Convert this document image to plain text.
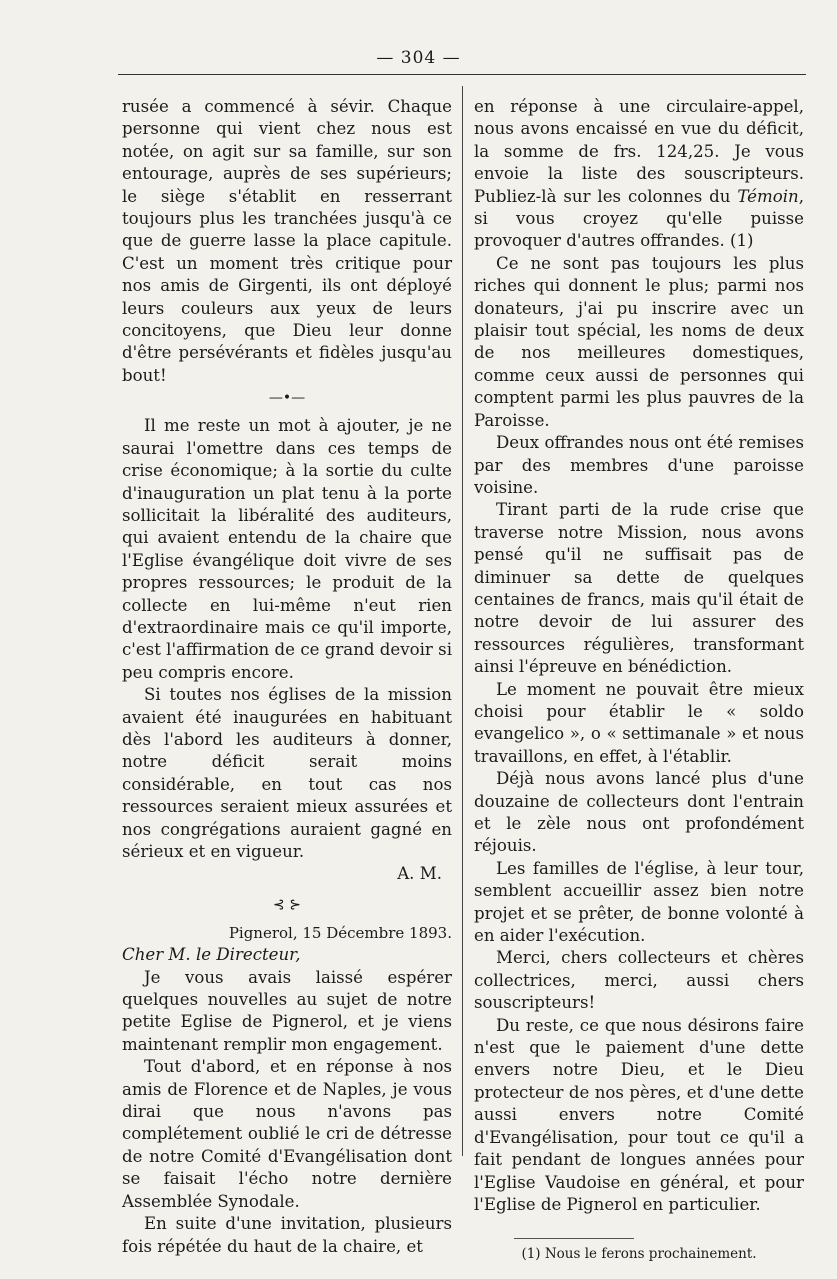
— 304 —

rusée a commencé à sévir. Chaque personne qui vient chez nous est notée, on agit sur sa famille, sur son entourage, auprès de ses supérieurs; le siège s'établit en resserrant toujours plus les tranchées jusqu'à ce que de guerre lasse la place capitule. C'est un moment très critique pour nos amis de Girgenti, ils ont déployé leurs couleurs aux yeux de leurs concitoyens, que Dieu leur donne d'être persévérants et fidèles jusqu'au bout!

—•—

Il me reste un mot à ajouter, je ne saurai l'omettre dans ces temps de crise économique; à la sortie du culte d'inauguration un plat tenu à la porte sollicitait la libéralité des auditeurs, qui avaient entendu de la chaire que l'Eglise évangélique doit vivre de ses propres ressources; le produit de la collecte en lui-même n'eut rien d'extraordinaire mais ce qu'il importe, c'est l'affirmation de ce grand devoir si peu compris encore.

Si toutes nos églises de la mission avaient été inaugurées en habituant dès l'abord les auditeurs à donner, notre déficit serait moins considérable, en tout cas nos ressources seraient mieux assurées et nos congrégations auraient gagné en sérieux et en vigueur.

A. M.
⊰ ⊱
Pignerol, 15 Décembre 1893.

Cher M. le Directeur,

Je vous avais laissé espérer quelques nouvelles au sujet de notre petite Eglise de Pignerol, et je viens maintenant remplir mon engagement.

Tout d'abord, et en réponse à nos amis de Florence et de Naples, je vous dirai que nous n'avons pas complétement oublié le cri de détresse de notre Comité d'Evangélisation dont se faisait l'écho notre dernière Assemblée Synodale.

En suite d'une invitation, plusieurs fois répétée du haut de la chaire, et

en réponse à une circulaire-appel, nous avons encaissé en vue du déficit, la somme de frs. 124,25. Je vous envoie la liste des souscripteurs. Publiez-là sur les colonnes du Témoin, si vous croyez qu'elle puisse provoquer d'autres offrandes. (1)

Ce ne sont pas toujours les plus riches qui donnent le plus; parmi nos donateurs, j'ai pu inscrire avec un plaisir tout spécial, les noms de deux de nos meilleures domestiques, comme ceux aussi de personnes qui comptent parmi les plus pauvres de la Paroisse.

Deux offrandes nous ont été remises par des membres d'une paroisse voisine.

Tirant parti de la rude crise que traverse notre Mission, nous avons pensé qu'il ne suffisait pas de diminuer sa dette de quelques centaines de francs, mais qu'il était de notre devoir de lui assurer des ressources régulières, transformant ainsi l'épreuve en bénédiction.

Le moment ne pouvait être mieux choisi pour établir le « soldo evangelico », o « settimanale » et nous travaillons, en effet, à l'établir.

Déjà nous avons lancé plus d'une douzaine de collecteurs dont l'entrain et le zèle nous ont profondément réjouis.

Les familles de l'église, à leur tour, semblent accueillir assez bien notre projet et se prêter, de bonne volonté à en aider l'exécution.

Merci, chers collecteurs et chères collectrices, merci, aussi chers souscripteurs!

Du reste, ce que nous désirons faire n'est que le paiement d'une dette envers notre Dieu, et le Dieu protecteur de nos pères, et d'une dette aussi envers notre Comité d'Evangélisation, pour tout ce qu'il a fait pendant de longues années pour l'Eglise Vaudoise en général, et pour l'Eglise de Pignerol en particulier.

(1) Nous le ferons prochainement.
